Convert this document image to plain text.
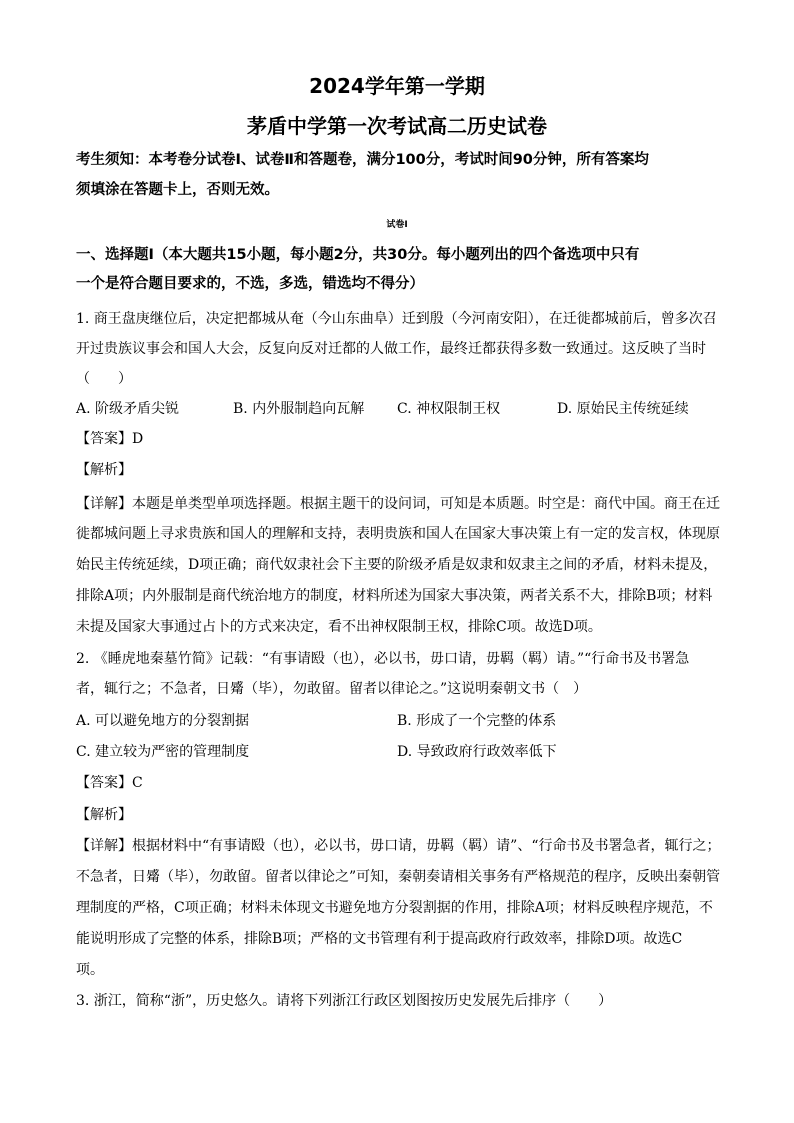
2024学年第一学期
茅盾中学第一次考试高二历史试卷
考生须知：本考卷分试卷Ⅰ、试卷Ⅱ和答题卷，满分100分，考试时间90分钟，所有答案均
须填涂在答题卡上，否则无效。
试卷Ⅰ
一、选择题Ⅰ（本大题共15小题，每小题2分，共30分。每小题列出的四个备选项中只有
一个是符合题目要求的，不选，多选，错选均不得分）
1. 商王盘庚继位后，决定把都城从奄（今山东曲阜）迁到殷（今河南安阳），在迁徙都城前后，曾多次召
开过贵族议事会和国人大会，反复向反对迁都的人做工作，最终迁都获得多数一致通过。这反映了当时
（　　）
A. 阶级矛盾尖锐	B. 内外服制趋向瓦解 C. 神权限制王权	D. 原始民主传统延续
【答案】D
【解析】
【详解】本题是单类型单项选择题。根据主题干的设问词，可知是本质题。时空是：商代中国。商王在迁
徙都城问题上寻求贵族和国人的理解和支持，表明贵族和国人在国家大事决策上有一定的发言权，体现原
始民主传统延续，D项正确；商代奴隶社会下主要的阶级矛盾是奴隶和奴隶主之间的矛盾，材料未提及，
排除A项；内外服制是商代统治地方的制度，材料所述为国家大事决策，两者关系不大，排除B项；材料
未提及国家大事通过占卜的方式来决定，看不出神权限制王权，排除C项。故选D项。
2. 《睡虎地秦墓竹简》记载：“有事请殹（也），必以书，毋口请，毋羁（羁）请。”“行命书及书署急
者，辄行之；不急者，日觱（毕），勿敢留。留者以律论之。”这说明秦朝文书（　）
A. 可以避免地方的分裂割据	B. 形成了一个完整的体系
C. 建立较为严密的管理制度	D. 导致政府行政效率低下
【答案】C
【解析】
【详解】根据材料中“有事请殹（也），必以书，毋口请，毋羁（羁）请”、“行命书及书署急者，辄行之；
不急者，日觱（毕），勿敢留。留者以律论之”可知，秦朝奏请相关事务有严格规范的程序，反映出秦朝管
理制度的严格，C项正确；材料未体现文书避免地方分裂割据的作用，排除A项；材料反映程序规范，不
能说明形成了完整的体系，排除B项；严格的文书管理有利于提高政府行政效率，排除D项。故选C
项。
3. 浙江，简称“浙”，历史悠久。请将下列浙江行政区划图按历史发展先后排序（　　）
